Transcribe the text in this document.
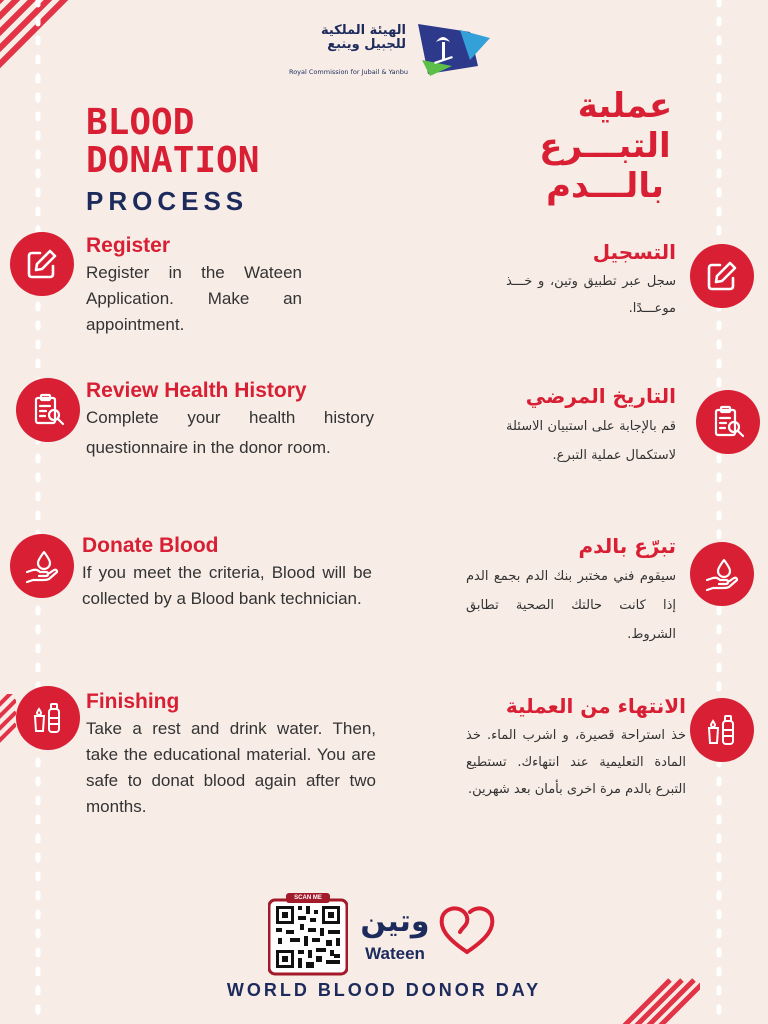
الهيئة الملكية
للجبيل وينبع
Royal Commission for Jubail & Yanbu
BLOOD
DONATION
PROCESS
عملية
التبـــرع
بالـــدم
Register

Register in the Wateen Application. Make an appointment.

Review Health History

Complete your health history questionnaire in the donor room.

Donate Blood

If you meet the criteria, Blood will be collected by a Blood bank technician.

Finishing

Take a rest and drink water. Then, take the educational material. You are safe to donat blood again after two months.

التسجيل

سجل عبر تطبيق وتين، و خـــذ موعـــدًا.

التاريخ المرضي

قم بالإجابة على استبيان الاسئلة لاستكمال عملية التبرع.

تبرّع بالدم

سيقوم فني مختبر بنك الدم بجمع الدم إذا كانت حالتك الصحية تطابق الشروط.

الانتهاء من العملية

خذ استراحة قصيرة، و اشرب الماء. خذ المادة التعليمية عند انتهاءك. تستطيع التبرع بالدم مرة اخرى بأمان بعد شهرين.

SCAN ME
وتين
Wateen
WORLD BLOOD DONOR DAY
